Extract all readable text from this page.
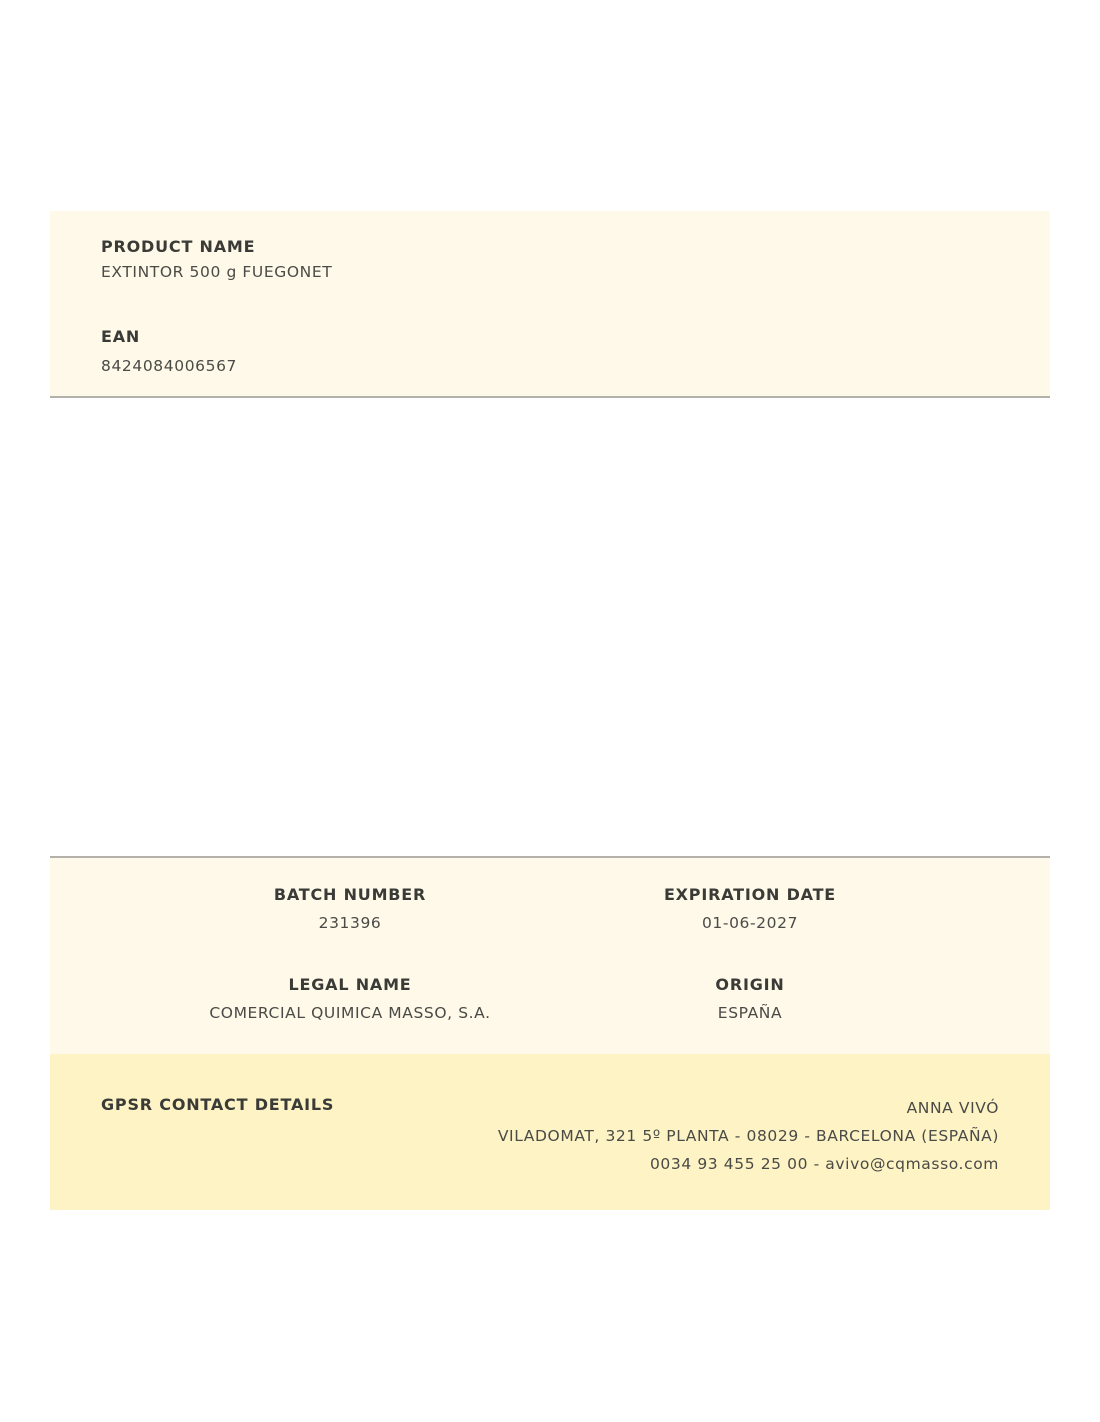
PRODUCT NAME
EXTINTOR 500 g FUEGONET
EAN
8424084006567
BATCH NUMBER
231396
EXPIRATION DATE
01-06-2027
LEGAL NAME
COMERCIAL QUIMICA MASSO, S.A.
ORIGIN
ESPAÑA
GPSR CONTACT DETAILS	ANNA VIVÓ
VILADOMAT, 321 5º PLANTA - 08029 - BARCELONA (ESPAÑA)
0034 93 455 25 00 - avivo@cqmasso.com
